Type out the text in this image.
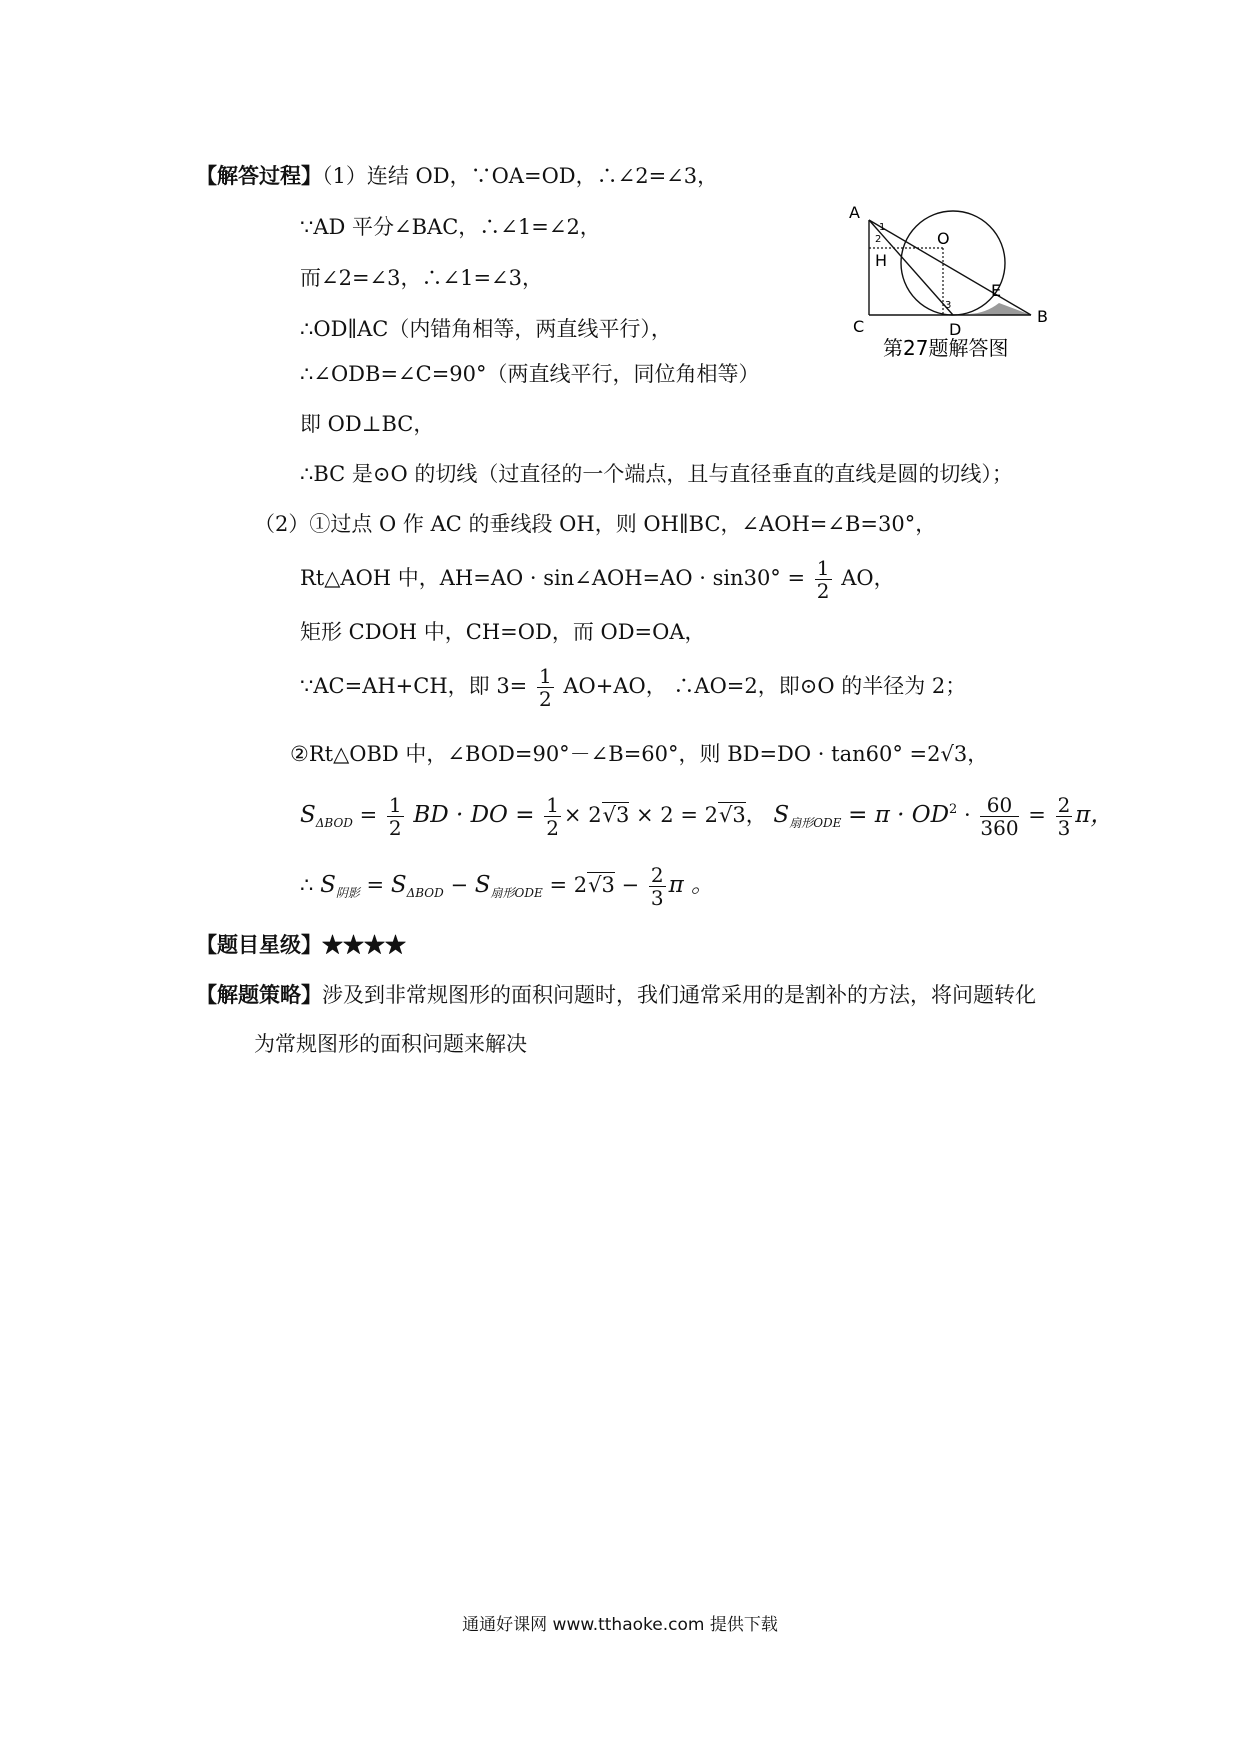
【解答过程】（1）连结 OD，∵OA=OD，∴∠2=∠3，
∵AD 平分∠BAC，∴∠1=∠2，
而∠2=∠3，∴∠1=∠3，
∴OD∥AC（内错角相等，两直线平行），
∴∠ODB=∠C=90°（两直线平行，同位角相等）
即 OD⊥BC，
∴BC 是⊙O 的切线（过直径的一个端点，且与直径垂直的直线是圆的切线）；
（2）①过点 O 作 AC 的垂线段 OH，则 OH∥BC，∠AOH=∠B=30°，
Rt△AOH 中，AH=AO · sin∠AOH=AO · $\sin 30^\circ = \frac{1}{2}$ AO，
矩形 CDOH 中，CH=OD，而 OD=OA，
∵AC=AH+CH，即 $3= \frac{1}{2} AO+AO$， ∴AO=2，即⊙O 的半径为 2；
②Rt△OBD 中，∠BOD=90°－∠B=60°，则 BD=DO · tan60° =2√3，
$S_{\Delta BOD} = \frac{1}{2}$ BD · DO = $\frac{1}{2} \times 2√3 \times 2 = 2√3$， $S_{扇形ODE} = \pi \cdot OD^2 \cdot \frac{60}{360} = \frac{2}{3}$ π，
∴ $S_{阴影} = S_{\Delta BOD} - S_{扇形ODE} = 2√3 - \frac{2}{3}$ π 。
【题目星级】★★★★
【解题策略】涉及到非常规图形的面积问题时，我们通常采用的是割补的方法，将问题转化
为常规图形的面积问题来解决
A
O
H
E
C	D
B
1
2
3
第27题解答图
通通好课网 www.tthaoke.com 提供下载
